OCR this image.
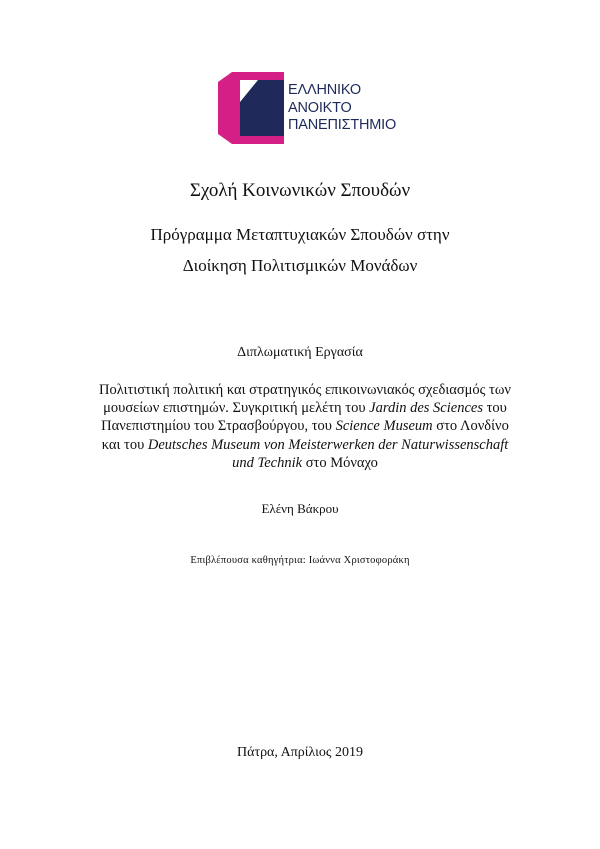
ΕΛΛΗΝΙΚΟ
ΑΝΟΙΚΤΟ
ΠΑΝΕΠΙΣΤΗΜΙΟ
Σχολή Κοινωνικών Σπουδών
Πρόγραμμα Μεταπτυχιακών Σπουδών στην
Διοίκηση Πολιτισμικών Μονάδων
Διπλωματική Εργασία
Πολιτιστική πολιτική και στρατηγικός επικοινωνιακός σχεδιασμός των
μουσείων επιστημών. Συγκριτική μελέτη του Jardin des Sciences του
Πανεπιστημίου του Στρασβούργου, του Science Museum στο Λονδίνο
και του Deutsches Museum von Meisterwerken der Naturwissenschaft
und Technik στο Μόναχο
Ελένη Βάκρου
Επιβλέπουσα καθηγήτρια: Ιωάννα Χριστοφοράκη
Πάτρα, Απρίλιος 2019
